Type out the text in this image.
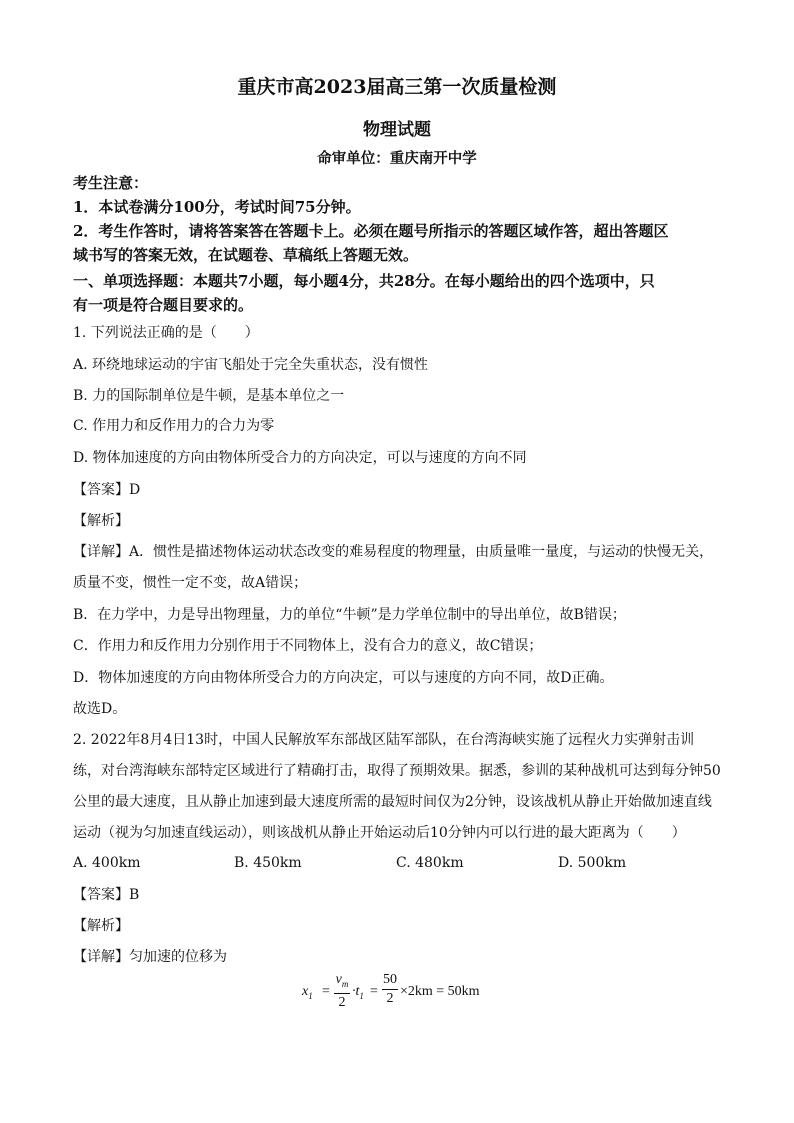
重庆市高2023届高三第一次质量检测
物理试题
命审单位：重庆南开中学
考生注意：
1．本试卷满分100分，考试时间75分钟。
2．考生作答时，请将答案答在答题卡上。必须在题号所指示的答题区域作答，超出答题区
域书写的答案无效，在试题卷、草稿纸上答题无效。
一、单项选择题：本题共7小题，每小题4分，共28分。在每小题给出的四个选项中，只
有一项是符合题目要求的。
1. 下列说法正确的是（　　）
A. 环绕地球运动的宇宙飞船处于完全失重状态，没有惯性
B. 力的国际制单位是牛顿，是基本单位之一
C. 作用力和反作用力的合力为零
D. 物体加速度的方向由物体所受合力的方向决定，可以与速度的方向不同
【答案】D
【解析】
【详解】A．惯性是描述物体运动状态改变的难易程度的物理量，由质量唯一量度，与运动的快慢无关，
质量不变，惯性一定不变，故A错误；
B．在力学中，力是导出物理量，力的单位“牛顿”是力学单位制中的导出单位，故B错误；
C．作用力和反作用力分别作用于不同物体上，没有合力的意义，故C错误；
D．物体加速度的方向由物体所受合力的方向决定，可以与速度的方向不同，故D正确。
故选D。
2. 2022年8月4日13时，中国人民解放军东部战区陆军部队，在台湾海峡实施了远程火力实弹射击训
练，对台湾海峡东部特定区域进行了精确打击，取得了预期效果。据悉，参训的某种战机可达到每分钟50
公里的最大速度，且从静止加速到最大速度所需的最短时间仅为2分钟，设该战机从静止开始做加速直线
运动（视为匀加速直线运动），则该战机从静止开始运动后10分钟内可以行进的最大距离为（　　）
A. 400km	B. 450km	C. 480km	D. 500km
【答案】B
【解析】
【详解】匀加速的位移为
$x_1$ =
$v_m$
2
$\cdot t_1$ =
50
2 ×2km = 50km
